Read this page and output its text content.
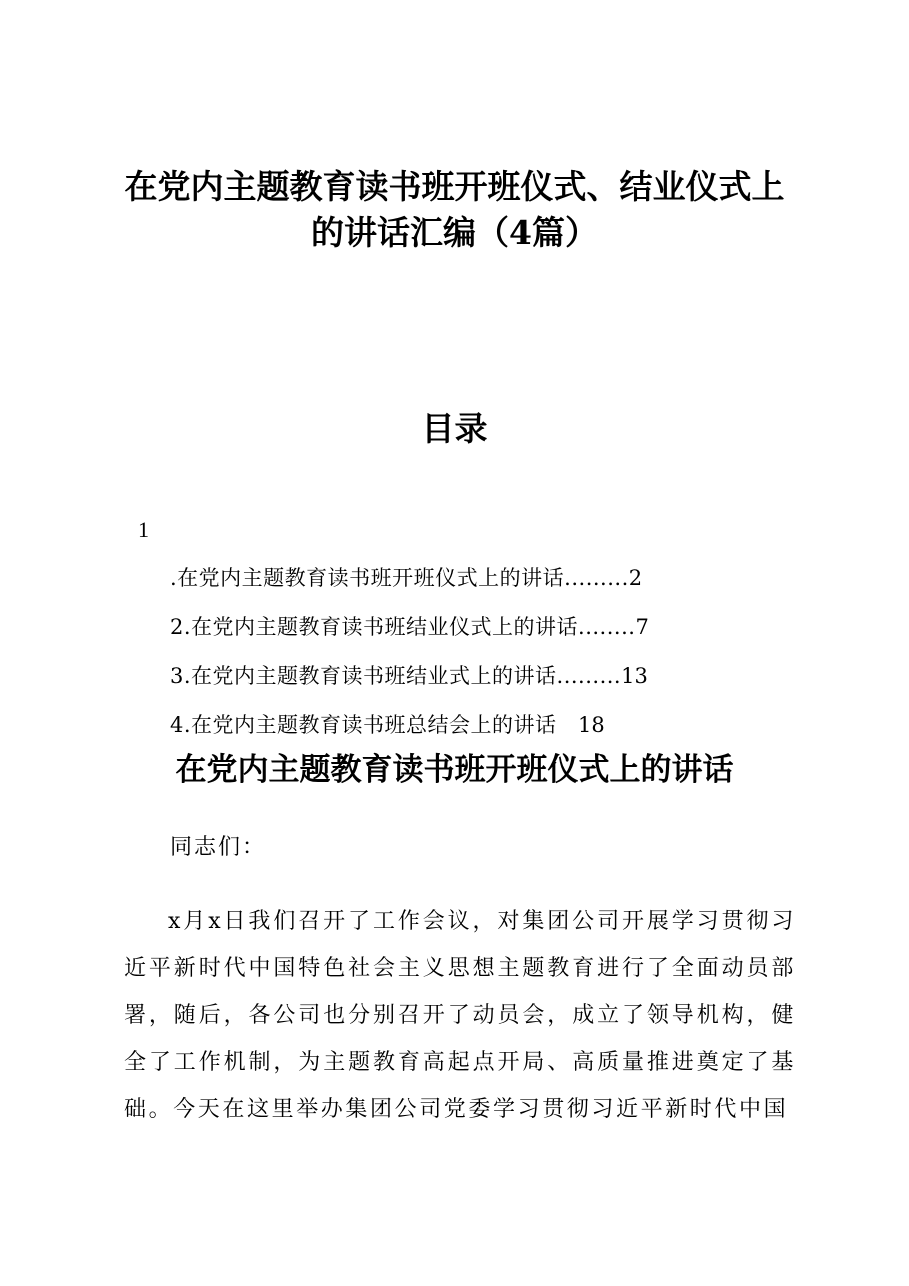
在党内主题教育读书班开班仪式、结业仪式上
的讲话汇编（4篇）
目录
1
.在党内主题教育读书班开班仪式上的讲话.........2
2.在党内主题教育读书班结业仪式上的讲话........7
3.在党内主题教育读书班结业式上的讲话.........13
4.在党内主题教育读书班总结会上的讲话　18
在党内主题教育读书班开班仪式上的讲话

同志们：

x月x日我们召开了工作会议，对集团公司开展学习贯彻习近平新时代中国特色社会主义思想主题教育进行了全面动员部署，随后，各公司也分别召开了动员会，成立了领导机构，健全了工作机制，为主题教育高起点开局、高质量推进奠定了基础。今天在这里举办集团公司党委学习贯彻习近平新时代中国
